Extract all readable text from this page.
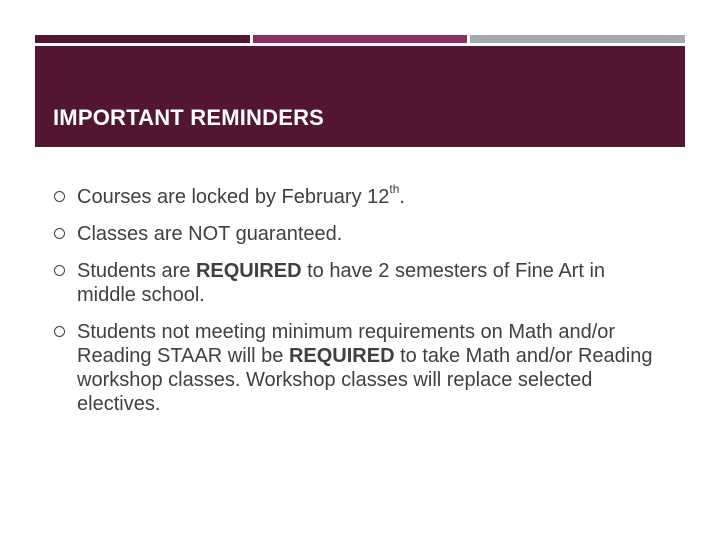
IMPORTANT REMINDERS
Courses are locked by February 12th.
Classes are NOT guaranteed.
Students are REQUIRED to have 2 semesters of Fine Art in middle school.
Students not meeting minimum requirements on Math and/or Reading STAAR will be REQUIRED to take Math and/or Reading workshop classes. Workshop classes will replace selected electives.
